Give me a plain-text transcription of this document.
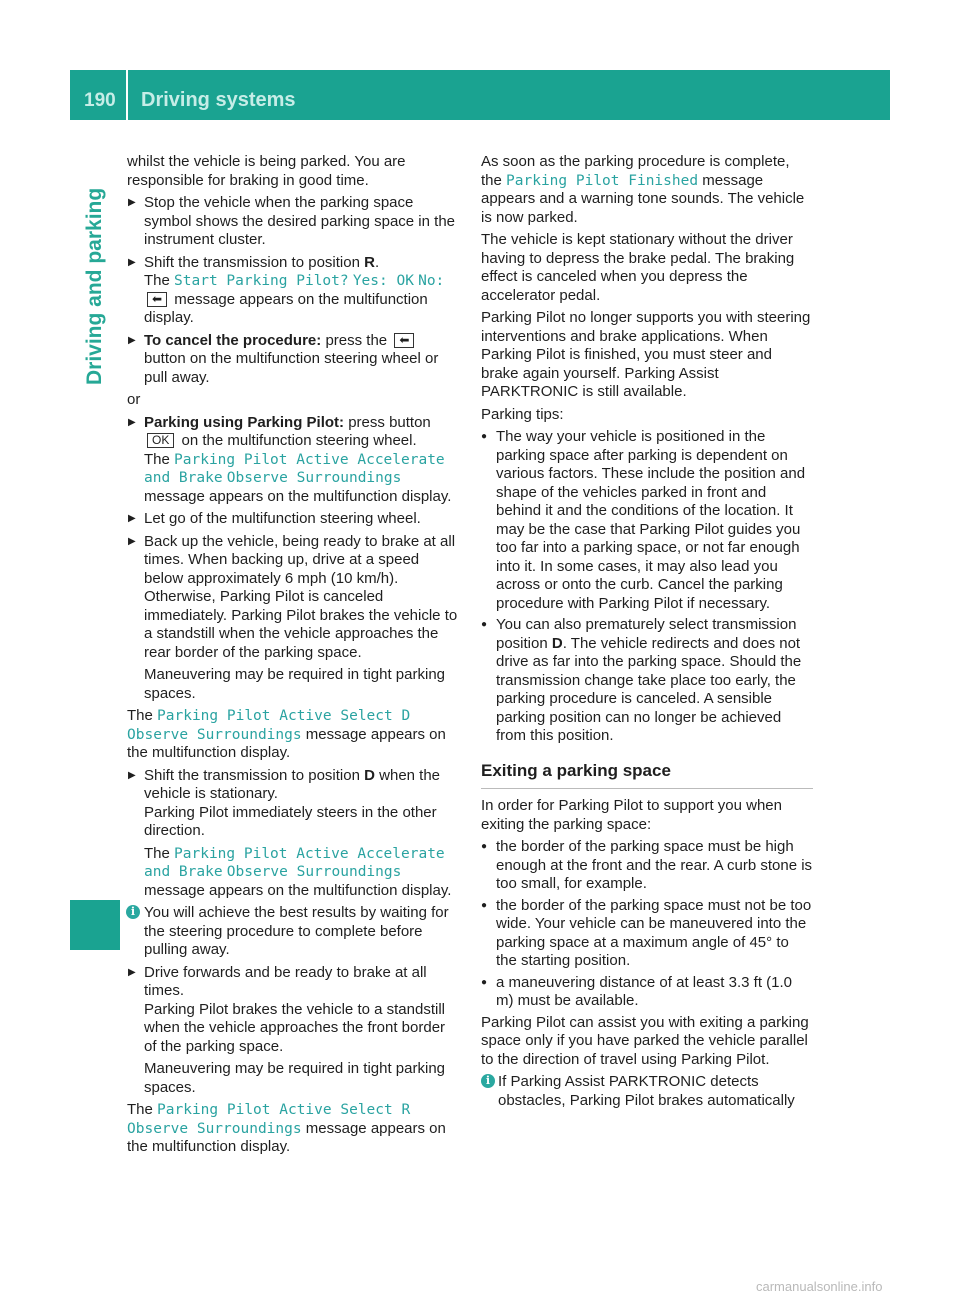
190 Driving systems
Driving and parking

whilst the vehicle is being parked. You are responsible for braking in good time.

▶ Stop the vehicle when the parking space symbol shows the desired parking space in the instrument cluster.
▶ Shift the transmission to position R.
The Start Parking Pilot? Yes: OK No:
⬅ message appears on the multifunction display.
▶ To cancel the procedure: press the ⬅
button on the multifunction steering wheel or pull away.

or

▶ Parking using Parking Pilot: press button
OK on the multifunction steering wheel.
The Parking Pilot Active Accelerate and Brake Observe Surroundings message appears on the multifunction display.
▶ Let go of the multifunction steering wheel.
▶ Back up the vehicle, being ready to brake at all times. When backing up, drive at a speed below approximately 6 mph (10 km/h). Otherwise, Parking Pilot is canceled immediately. Parking Pilot brakes the vehicle to a standstill when the vehicle approaches the rear border of the parking space.

Maneuvering may be required in tight parking spaces.

The Parking Pilot Active Select D Observe Surroundings message appears on the multifunction display.

▶ Shift the transmission to position D when the vehicle is stationary.
Parking Pilot immediately steers in the other direction.

The Parking Pilot Active Accelerate and Brake Observe Surroundings message appears on the multifunction display.

i You will achieve the best results by waiting for the steering procedure to complete before pulling away.
▶ Drive forwards and be ready to brake at all times.
Parking Pilot brakes the vehicle to a standstill when the vehicle approaches the front border of the parking space.

Maneuvering may be required in tight parking spaces.

The Parking Pilot Active Select R Observe Surroundings message appears on the multifunction display.

As soon as the parking procedure is complete, the Parking Pilot Finished message appears and a warning tone sounds. The vehicle is now parked.

The vehicle is kept stationary without the driver having to depress the brake pedal. The braking effect is canceled when you depress the accelerator pedal.

Parking Pilot no longer supports you with steering interventions and brake applications. When Parking Pilot is finished, you must steer and brake again yourself. Parking Assist PARKTRONIC is still available.

Parking tips:

● The way your vehicle is positioned in the parking space after parking is dependent on various factors. These include the position and shape of the vehicles parked in front and behind it and the conditions of the location. It may be the case that Parking Pilot guides you too far into a parking space, or not far enough into it. In some cases, it may also lead you across or onto the curb. Cancel the parking procedure with Parking Pilot if necessary.
● You can also prematurely select transmission position D. The vehicle redirects and does not drive as far into the parking space. Should the transmission change take place too early, the parking procedure is canceled. A sensible parking position can no longer be achieved from this position.
Exiting a parking space

In order for Parking Pilot to support you when exiting the parking space:

● the border of the parking space must be high enough at the front and the rear. A curb stone is too small, for example.
● the border of the parking space must not be too wide. Your vehicle can be maneuvered into the parking space at a maximum angle of 45° to the starting position.
● a maneuvering distance of at least 3.3 ft (1.0 m) must be available.

Parking Pilot can assist you with exiting a parking space only if you have parked the vehicle parallel to the direction of travel using Parking Pilot.

i If Parking Assist PARKTRONIC detects obstacles, Parking Pilot brakes automatically
carmanualsonline.info
